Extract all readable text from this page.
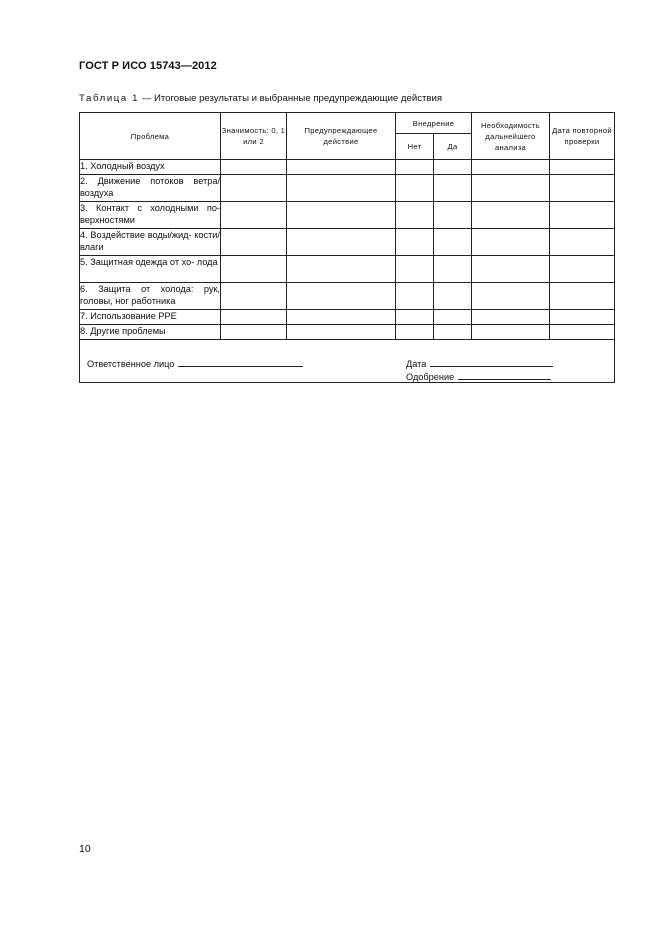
ГОСТ Р ИСО 15743—2012
Таблица 1 — Итоговые результаты и выбранные предупреждающие действия
Проблема	Значимость: 0, 1 или 2	Предупреждающее действие	Внедрение		Необходимость дальнейшего анализа	Дата повторной проверки
			Нет	Да		
1. Холодный воздух						
2. Движение потоков ветра/ воздуха						
3. Контакт с холодными по- верхностями						
4. Воздействие воды/жид- кости/влаги						
5. Защитная одежда от хо- лода						
6. Защита от холода: рук, головы, ног работника						
7. Использование PPE						
8. Другие проблемы						

Ответственное лицо Дата
Одобрение						
10
